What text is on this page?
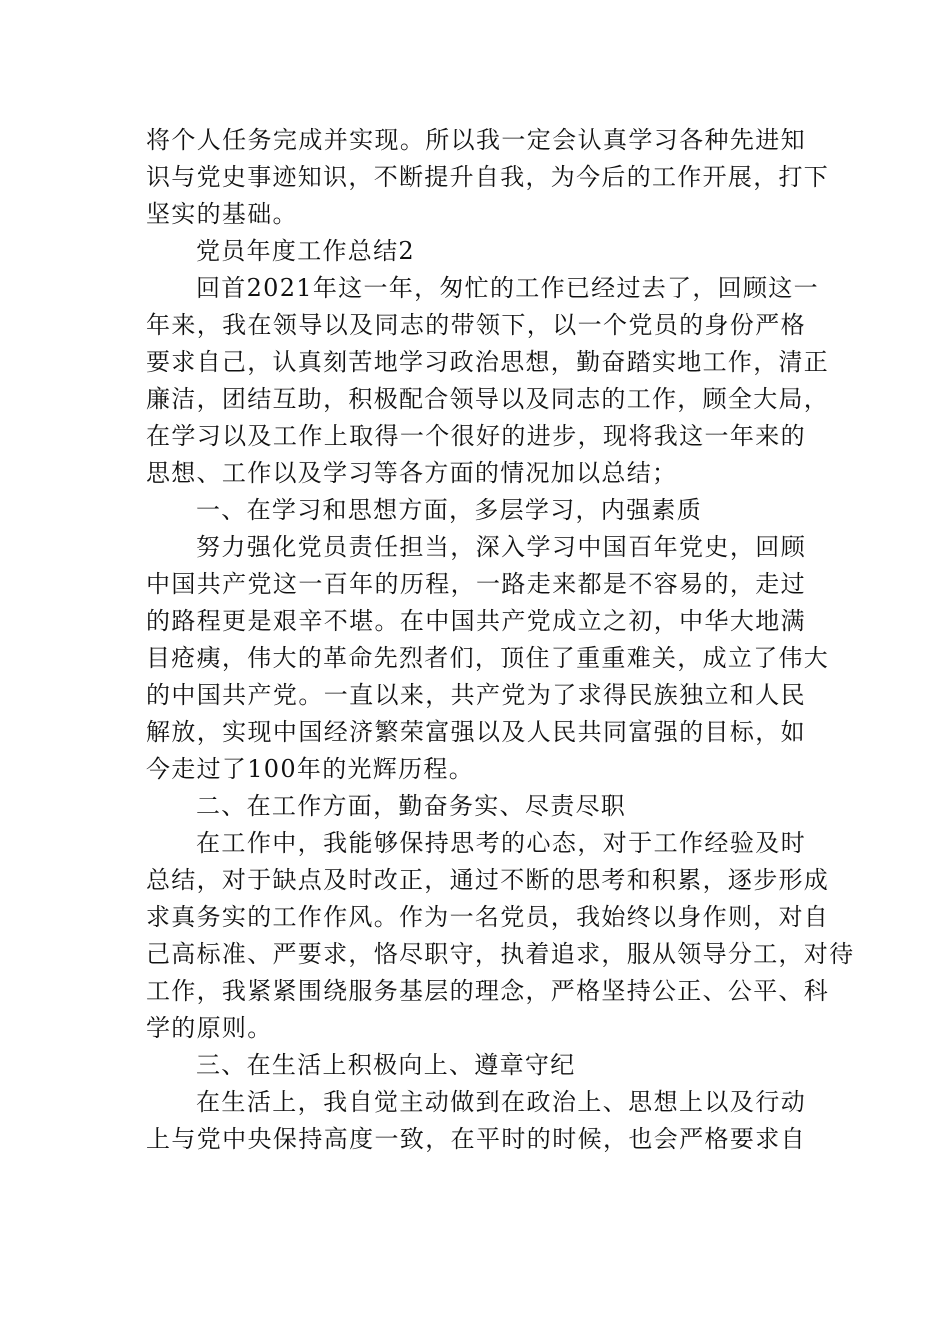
将个人任务完成并实现。所以我一定会认真学习各种先进知
识与党史事迹知识，不断提升自我，为今后的工作开展，打下
坚实的基础。
党员年度工作总结2
回首2021年这一年，匆忙的工作已经过去了，回顾这一
年来，我在领导以及同志的带领下，以一个党员的身份严格
要求自己，认真刻苦地学习政治思想，勤奋踏实地工作，清正
廉洁，团结互助，积极配合领导以及同志的工作，顾全大局，
在学习以及工作上取得一个很好的进步，现将我这一年来的
思想、工作以及学习等各方面的情况加以总结；
一、在学习和思想方面，多层学习，内强素质
努力强化党员责任担当，深入学习中国百年党史，回顾
中国共产党这一百年的历程，一路走来都是不容易的，走过
的路程更是艰辛不堪。在中国共产党成立之初，中华大地满
目疮痍，伟大的革命先烈者们，顶住了重重难关，成立了伟大
的中国共产党。一直以来，共产党为了求得民族独立和人民
解放，实现中国经济繁荣富强以及人民共同富强的目标，如
今走过了100年的光辉历程。
二、在工作方面，勤奋务实、尽责尽职
在工作中，我能够保持思考的心态，对于工作经验及时
总结，对于缺点及时改正，通过不断的思考和积累，逐步形成
求真务实的工作作风。作为一名党员，我始终以身作则，对自
己高标准、严要求，恪尽职守，执着追求，服从领导分工，对待
工作，我紧紧围绕服务基层的理念，严格坚持公正、公平、科
学的原则。
三、在生活上积极向上、遵章守纪
在生活上，我自觉主动做到在政治上、思想上以及行动
上与党中央保持高度一致，在平时的时候，也会严格要求自
